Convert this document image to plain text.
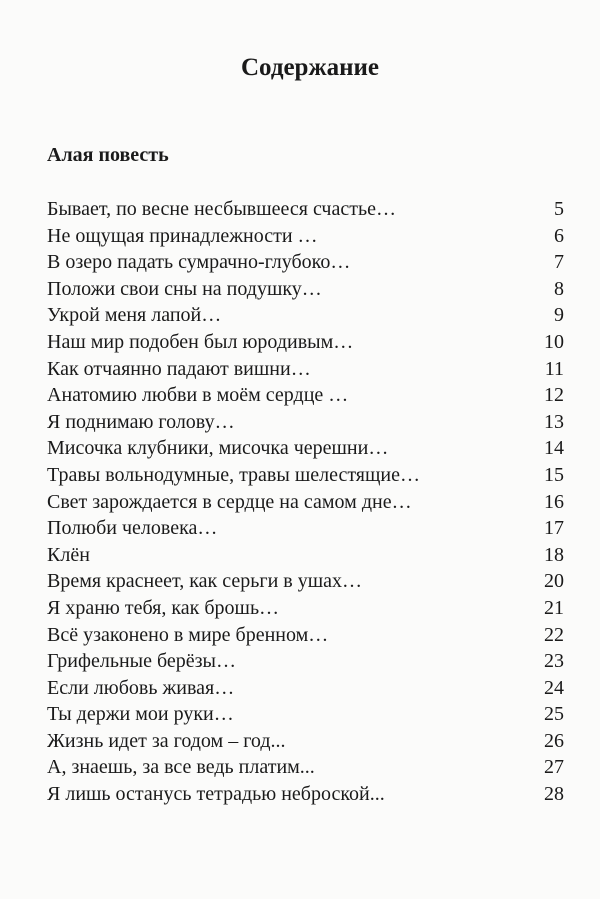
Содержание
Алая повесть
Бывает, по весне несбывшееся счастье…	5
Не ощущая принадлежности …	6
В озеро падать сумрачно-глубоко…	7
Положи свои сны на подушку…	8
Укрой меня лапой…	9
Наш мир подобен был юродивым…	10
Как отчаянно падают вишни…	11
Анатомию любви в моём сердце …	12
Я поднимаю голову…	13
Мисочка клубники, мисочка черешни…	14
Травы вольнодумные, травы шелестящие…	15
Свет зарождается в сердце на самом дне…	16
Полюби человека…	17
Клён	18
Время краснеет, как серьги в ушах…	20
Я храню тебя, как брошь…	21
Всё узаконено в мире бренном…	22
Грифельные берёзы…	23
Если любовь живая…	24
Ты держи мои руки…	25
Жизнь идет за годом – год...	26
А, знаешь, за все ведь платим...	27
Я лишь останусь тетрадью неброской...	28
